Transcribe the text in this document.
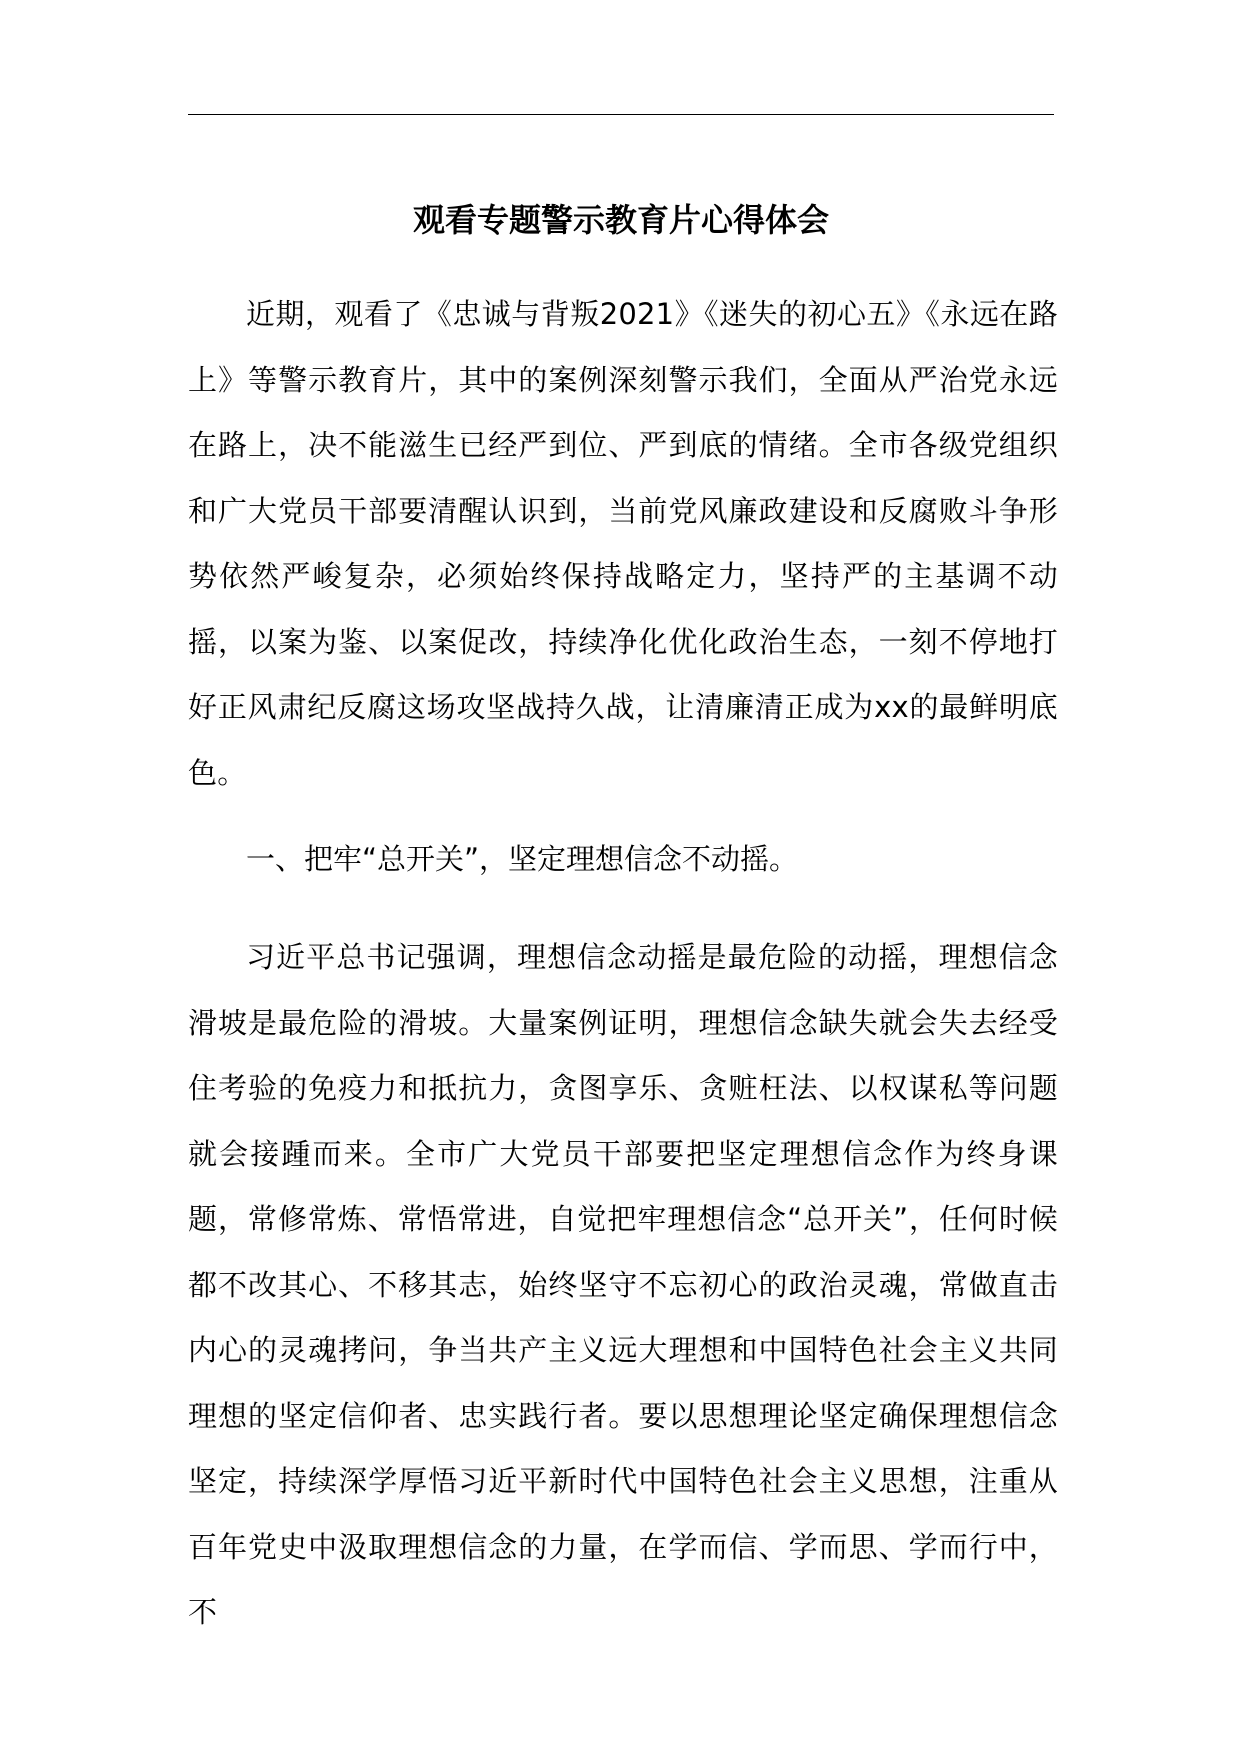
观看专题警示教育片心得体会

近期，观看了《忠诚与背叛2021》《迷失的初心五》《永远在路上》等警示教育片，其中的案例深刻警示我们，全面从严治党永远在路上，决不能滋生已经严到位、严到底的情绪。全市各级党组织和广大党员干部要清醒认识到，当前党风廉政建设和反腐败斗争形势依然严峻复杂，必须始终保持战略定力，坚持严的主基调不动摇，以案为鉴、以案促改，持续净化优化政治生态，一刻不停地打好正风肃纪反腐这场攻坚战持久战，让清廉清正成为xx的最鲜明底色。

一、把牢“总开关”，坚定理想信念不动摇。

习近平总书记强调，理想信念动摇是最危险的动摇，理想信念滑坡是最危险的滑坡。大量案例证明，理想信念缺失就会失去经受住考验的免疫力和抵抗力，贪图享乐、贪赃枉法、以权谋私等问题就会接踵而来。全市广大党员干部要把坚定理想信念作为终身课题，常修常炼、常悟常进，自觉把牢理想信念“总开关”，任何时候都不改其心、不移其志，始终坚守不忘初心的政治灵魂，常做直击内心的灵魂拷问，争当共产主义远大理想和中国特色社会主义共同理想的坚定信仰者、忠实践行者。要以思想理论坚定确保理想信念坚定，持续深学厚悟习近平新时代中国特色社会主义思想，注重从百年党史中汲取理想信念的力量，在学而信、学而思、学而行中，不
